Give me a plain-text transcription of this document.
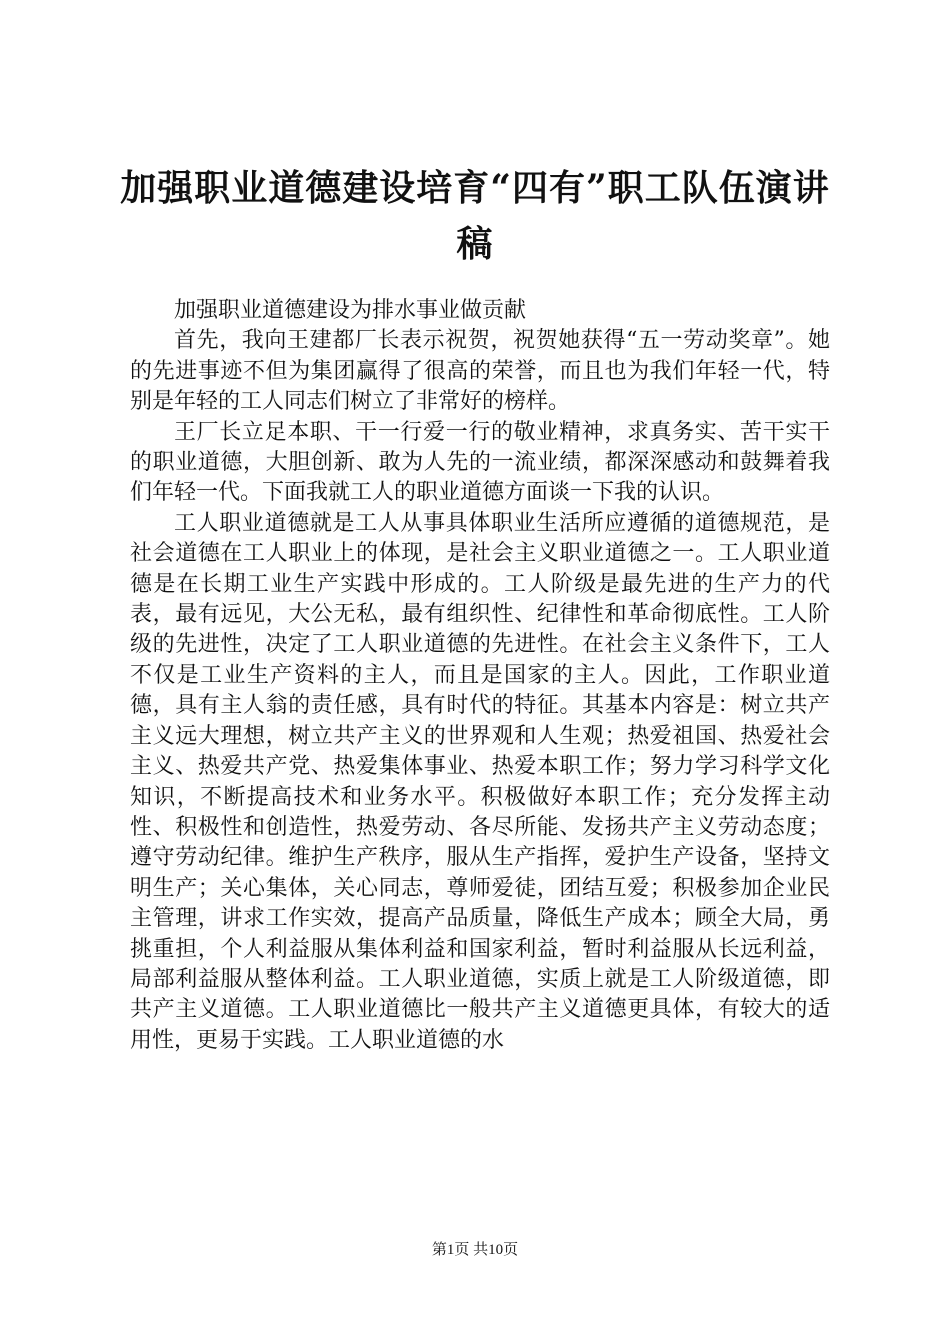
加强职业道德建设培育“四有”职工队伍演讲稿

加强职业道德建设为排水事业做贡献

首先，我向王建都厂长表示祝贺，祝贺她获得“五一劳动奖章”。她的先进事迹不但为集团赢得了很高的荣誉，而且也为我们年轻一代，特别是年轻的工人同志们树立了非常好的榜样。

王厂长立足本职、干一行爱一行的敬业精神，求真务实、苦干实干的职业道德，大胆创新、敢为人先的一流业绩，都深深感动和鼓舞着我们年轻一代。下面我就工人的职业道德方面谈一下我的认识。

工人职业道德就是工人从事具体职业生活所应遵循的道德规范，是社会道德在工人职业上的体现，是社会主义职业道德之一。工人职业道德是在长期工业生产实践中形成的。工人阶级是最先进的生产力的代表，最有远见，大公无私，最有组织性、纪律性和革命彻底性。工人阶级的先进性，决定了工人职业道德的先进性。在社会主义条件下，工人不仅是工业生产资料的主人，而且是国家的主人。因此，工作职业道德，具有主人翁的责任感，具有时代的特征。其基本内容是：树立共产主义远大理想，树立共产主义的世界观和人生观；热爱祖国、热爱社会主义、热爱共产党、热爱集体事业、热爱本职工作；努力学习科学文化知识，不断提高技术和业务水平。积极做好本职工作；充分发挥主动性、积极性和创造性，热爱劳动、各尽所能、发扬共产主义劳动态度；遵守劳动纪律。维护生产秩序，服从生产指挥，爱护生产设备，坚持文明生产；关心集体，关心同志，尊师爱徒，团结互爱；积极参加企业民主管理，讲求工作实效，提高产品质量，降低生产成本；顾全大局，勇挑重担，个人利益服从集体利益和国家利益，暂时利益服从长远利益，局部利益服从整体利益。工人职业道德，实质上就是工人阶级道德，即共产主义道德。工人职业道德比一般共产主义道德更具体，有较大的适用性，更易于实践。工人职业道德的水

第1页 共10页
